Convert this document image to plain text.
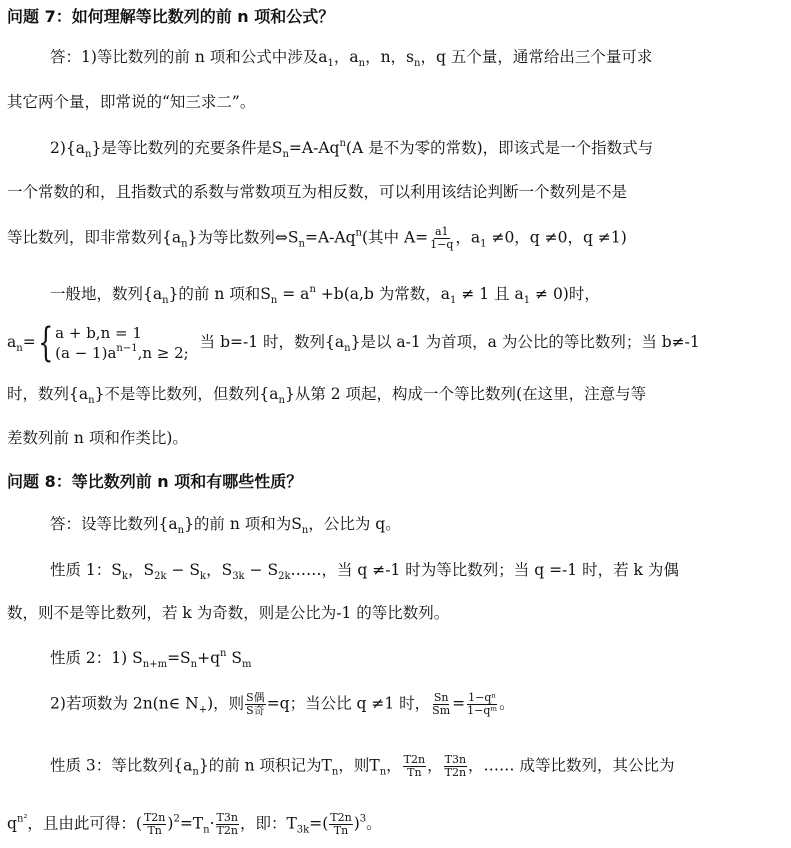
问题 7：如何理解等比数列的前 n 项和公式？
答：1)等比数列的前 n 项和公式中涉及$a_1$，$a_n$，n，$s_n$，q 五个量，通常给出三个量可求
其它两个量，即常说的“知三求二”。
$2)\{a_n\}$是等比数列的充要条件是$S_n=A-Aq^n(A$ 是不为零的常数)，即该式是一个指数式与
一个常数的和，且指数式的系数与常数项互为相反数，可以利用该结论判断一个数列是不是
等比数列，即非常数列$\{a_n\}$为等比数列$\Leftrightarrow S_n=A-Aq^n$(其中 $A= \frac{a1}{1-q}$ ，$a_1 \ne 0$，q ≠0，q ≠1)
一般地，数列$\{a_n\}$的前 n 项和$S_n = a^n +b(a,b$ 为常数，$a_1 \ne 1$ 且 $a_1 \ne 0$)时，
$a_n=${ a + b,n = 1
$(a - 1)a^{n-1},n \ge 2$;
当 b=-1 时，数列$\{a_n\}$是以 a-1 为首项，a 为公比的等比数列；当 b≠-1
时，数列$\{a_n\}$不是等比数列，但数列$\{a_n\}$从第 2 项起，构成一个等比数列(在这里，注意与等
差数列前 n 项和作类比)。
问题 8：等比数列前 n 项和有哪些性质？
答：设等比数列$\{a_n\}$的前 n 项和为$S_n$，公比为 q。
性质 1：$S_k$，$S_{2k} - S_k$，$S_{3k}$ − $S_{2k}\dots\dots$，当 q ≠-1 时为等比数列；当 q =-1 时，若 k 为偶
数，则不是等比数列，若 k 为奇数，则是公比为-1 的等比数列。
性质 2：1) $S_{n+m}=S_n+q^n$ $S_m$
2)若项数为 2n(n∈ $N_+$)，则 $\frac{\text{S偶}}{\text{S奇}} =q$；当公比 q ≠1 时， $\frac{Sn}{Sm} = \frac{\text{1−qⁿ}}{\text{1−qᵐ}}$ 。
性质 3：等比数列$\{a_n\}$的前 n 项积记为$T_n$，则$T_n$， $\frac{T2n}{Tn}$ ， $\frac{T3n}{T2n}$ ，…… 成等比数列，其公比为
$q^{n^2}$，且由此可得：( $\frac{T2n}{Tn} )^2=T_n\cdot \frac{T3n}{T2n}$ ，即：$T_{3k}=( \frac{T2n}{Tn} )^3$。
